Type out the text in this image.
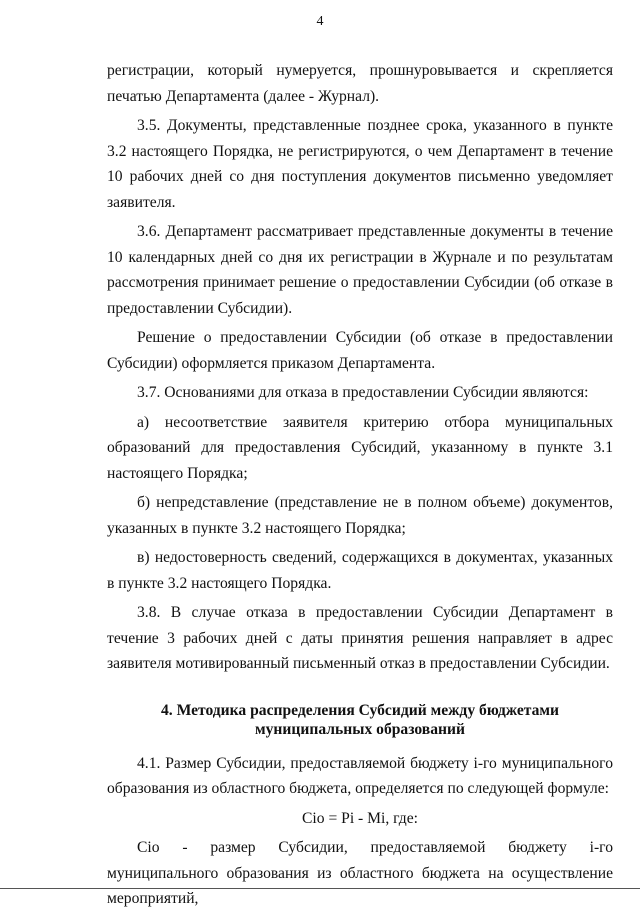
4

регистрации, который нумеруется, прошнуровывается и скрепляется печатью Департамента (далее - Журнал).

3.5. Документы, представленные позднее срока, указанного в пункте 3.2 настоящего Порядка, не регистрируются, о чем Департамент в течение 10 рабочих дней со дня поступления документов письменно уведомляет заявителя.

3.6. Департамент рассматривает представленные документы в течение 10 календарных дней со дня их регистрации в Журнале и по результатам рассмотрения принимает решение о предоставлении Субсидии (об отказе в предоставлении Субсидии).

Решение о предоставлении Субсидии (об отказе в предоставлении Субсидии) оформляется приказом Департамента.

3.7. Основаниями для отказа в предоставлении Субсидии являются:

а) несоответствие заявителя критерию отбора муниципальных образований для предоставления Субсидий, указанному в пункте 3.1 настоящего Порядка;

б) непредставление (представление не в полном объеме) документов, указанных в пункте 3.2 настоящего Порядка;

в) недостоверность сведений, содержащихся в документах, указанных в пункте 3.2 настоящего Порядка.

3.8. В случае отказа в предоставлении Субсидии Департамент в течение 3 рабочих дней с даты принятия решения направляет в адрес заявителя мотивированный письменный отказ в предоставлении Субсидии.

4. Методика распределения Субсидий между бюджетами
муниципальных образований

4.1. Размер Субсидии, предоставляемой бюджету i-го муниципального образования из областного бюджета, определяется по следующей формуле:

Сio = Pi - Mi, где:

Сio - размер Субсидии, предоставляемой бюджету i-го муниципального образования из областного бюджета на осуществление мероприятий,
